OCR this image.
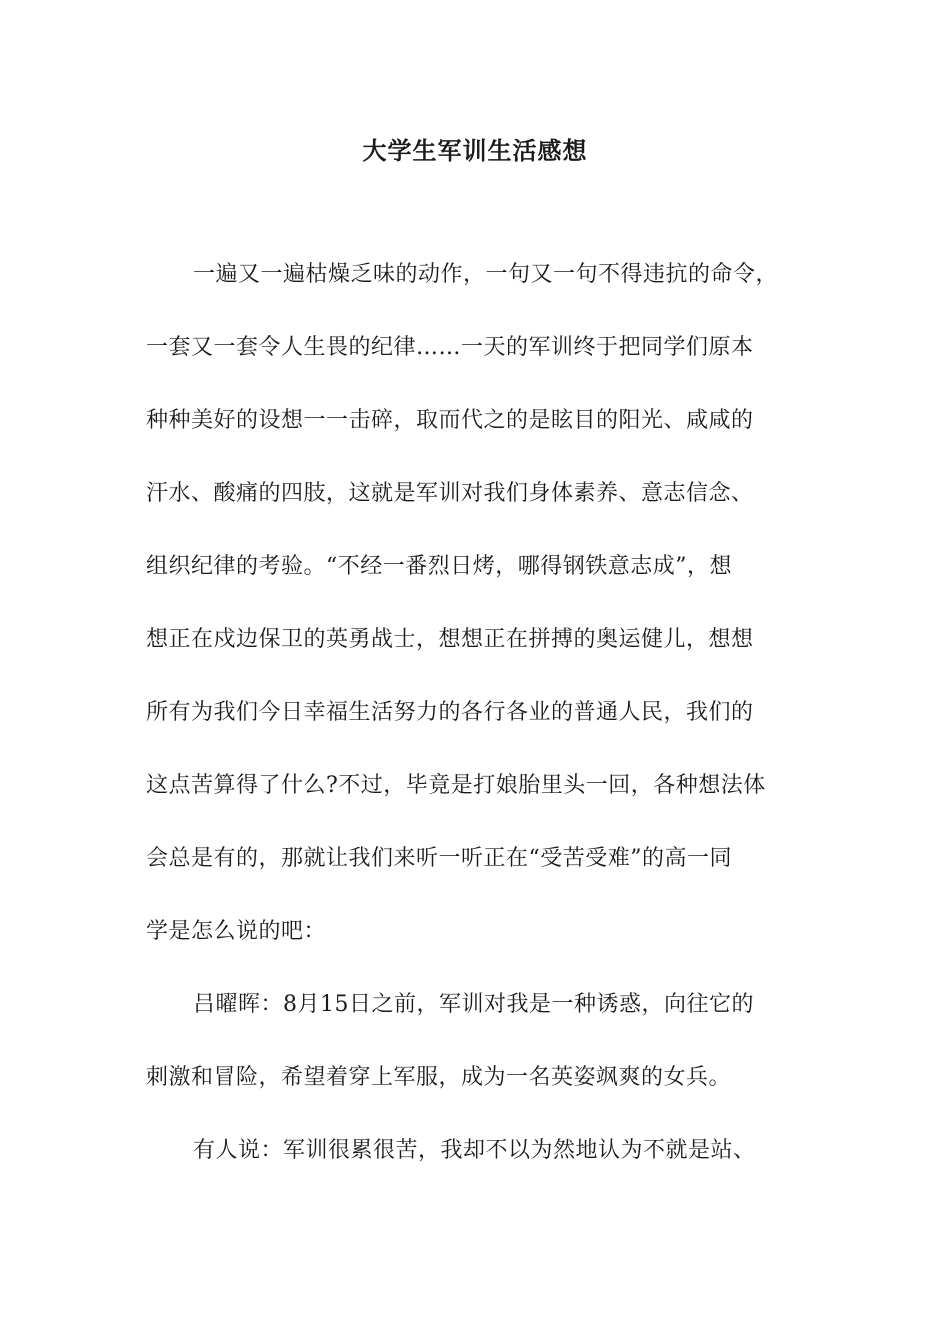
大学生军训生活感想
一遍又一遍枯燥乏味的动作，一句又一句不得违抗的命令，
一套又一套令人生畏的纪律……一天的军训终于把同学们原本
种种美好的设想一一击碎，取而代之的是眩目的阳光、咸咸的
汗水、酸痛的四肢，这就是军训对我们身体素养、意志信念、
组织纪律的考验。“不经一番烈日烤，哪得钢铁意志成”，想
想正在戍边保卫的英勇战士，想想正在拼搏的奥运健儿，想想
所有为我们今日幸福生活努力的各行各业的普通人民，我们的
这点苦算得了什么?不过，毕竟是打娘胎里头一回，各种想法体
会总是有的，那就让我们来听一听正在“受苦受难”的高一同
学是怎么说的吧：
吕曜晖：8月15日之前，军训对我是一种诱惑，向往它的
刺激和冒险，希望着穿上军服，成为一名英姿飒爽的女兵。
有人说：军训很累很苦，我却不以为然地认为不就是站、
